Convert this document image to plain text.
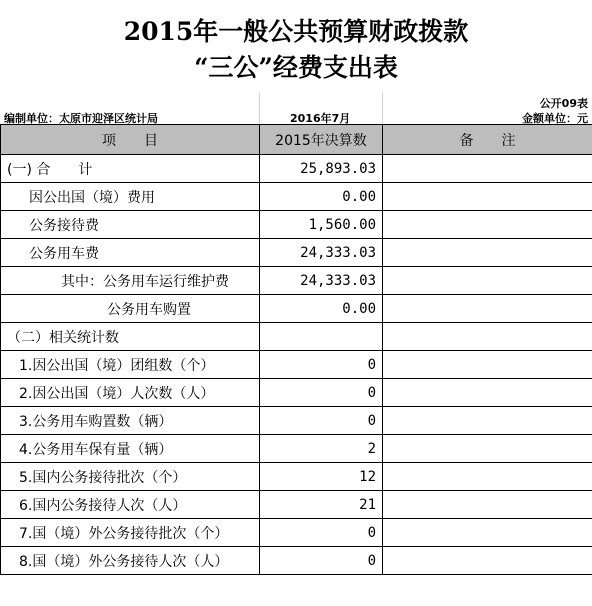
2015年一般公共预算财政拨款
“三公”经费支出表
公开09表
编制单位：太原市迎泽区统计局	2016年7月	金额单位：元
项　　目	2015年决算数	备　　注
(一) 合　　计	25,893.03	
因公出国（境）费用	0.00	
公务接待费	1,560.00	
公务用车费	24,333.03	
其中：公务用车运行维护费	24,333.03	
公务用车购置	0.00	
（二）相关统计数		
1.因公出国（境）团组数（个）	0	
2.因公出国（境）人次数（人）	0	
3.公务用车购置数（辆）	0	
4.公务用车保有量（辆）	2	
5.国内公务接待批次（个）	12	
6.国内公务接待人次（人）	21	
7.国（境）外公务接待批次（个）	0	
8.国（境）外公务接待人次（人）	0	
